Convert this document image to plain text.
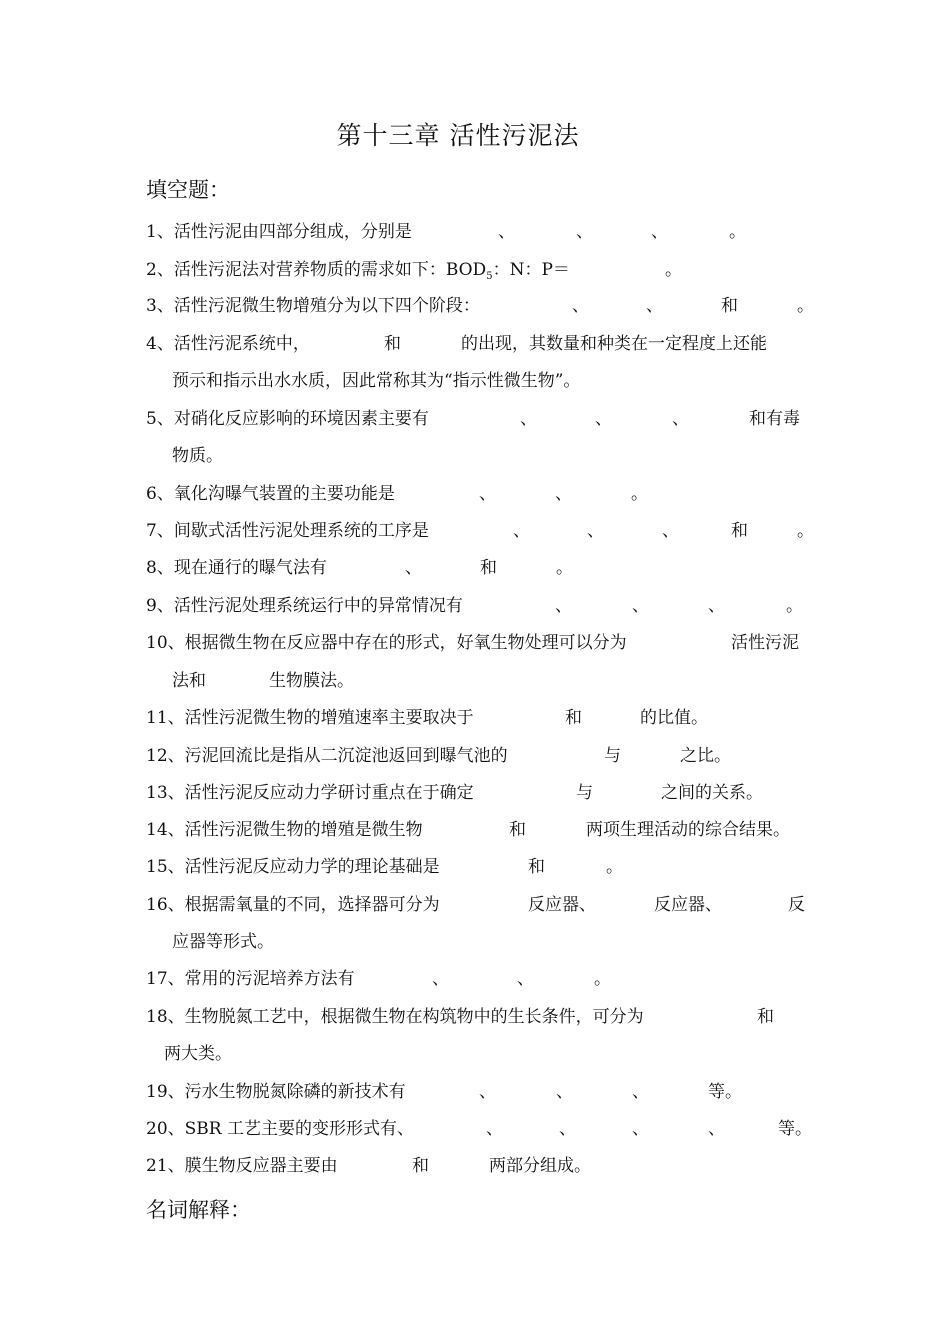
第十三章 活性污泥法
填空题：
1、活性污泥由四部分组成，分别是	、	、	、	。
2、活性污泥法对营养物质的需求如下：$BOD_5$：N：P＝	。
3、活性污泥微生物增殖分为以下四个阶段：	、	、	和	。
4、活性污泥系统中，	和	的出现，其数量和种类在一定程度上还能
预示和指示出水水质，因此常称其为“指示性微生物”。
5、对硝化反应影响的环境因素主要有	、	、	、	和有毒
物质。
6、氧化沟曝气装置的主要功能是	、	、	。
7、间歇式活性污泥处理系统的工序是	、	、	、	和	。
8、现在通行的曝气法有	、	和	。
9、活性污泥处理系统运行中的异常情况有	、	、	、	。
10、根据微生物在反应器中存在的形式，好氧生物处理可以分为	活性污泥
法和	生物膜法。
11、活性污泥微生物的增殖速率主要取决于	和	的比值。
12、污泥回流比是指从二沉淀池返回到曝气池的	与	之比。
13、活性污泥反应动力学研讨重点在于确定	与	之间的关系。
14、活性污泥微生物的增殖是微生物	和	两项生理活动的综合结果。
15、活性污泥反应动力学的理论基础是	和	。
16、根据需氧量的不同，选择器可分为	反应器、	反应器、	反
应器等形式。
17、常用的污泥培养方法有	、	、	。
18、生物脱氮工艺中，根据微生物在构筑物中的生长条件，可分为	和
两大类。
19、污水生物脱氮除磷的新技术有	、	、	、	等。
20、SBR 工艺主要的变形形式有、	、	、	、	、	等。
21、膜生物反应器主要由	和	两部分组成。
名词解释：
